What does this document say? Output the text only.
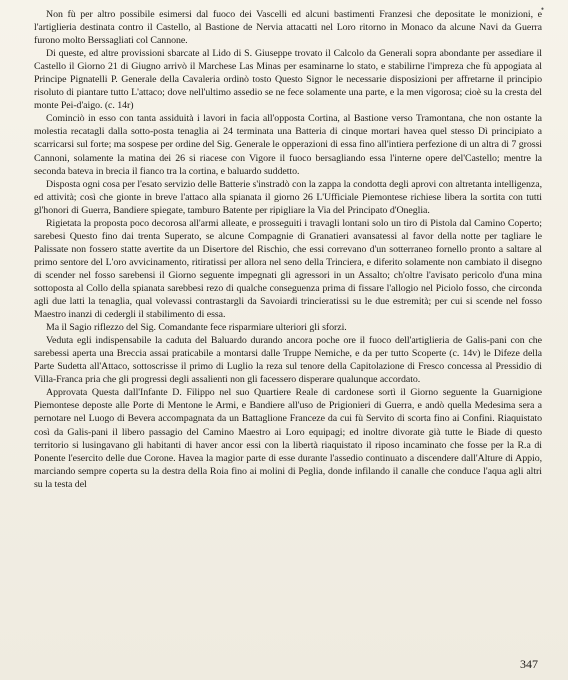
•

Non fù per altro possibile esimersi dal fuoco dei Vascelli ed alcuni bastimenti Franzesi che depositate le monizioni, e l'artiglieria destinata contro il Castello, al Bastione de Nervia attacatti nel Loro ritorno in Monaco da alcune Navi da Guerra furono molto Berssagliati col Cannone.

Di queste, ed altre provissioni sbarcate al Lido di S. Giuseppe trovato il Calcolo da Generali sopra abondante per assediare il Castello il Giorno 21 di Giugno arrivò il Marchese Las Minas per esaminarne lo stato, e stabilirne l'impreza che fù appogiata al Principe Pignatelli P. Generale della Cavaleria ordinò tosto Questo Signor le necessarie disposizioni per affretarne il principio risoluto di piantare tutto L'attaco; dove nell'ultimo assedio se ne fece solamente una parte, e la men vigorosa; cioè su la cresta del monte Pei-d'aigo. (c. 14r)

Cominciò in esso con tanta assiduità i lavori in facia all'opposta Cortina, al Bastione verso Tramontana, che non ostante la molestia recatagli dalla sotto-posta tenaglia ai 24 terminata una Batteria di cinque mortari havea quel stesso Dì principiato a scarricarsi sul forte; ma sospese per ordine del Sig. Generale le opperazioni di essa fino all'intiera perfezione di un altra di 7 grossi Cannoni, solamente la matina dei 26 si riacese con Vigore il fuoco bersagliando essa l'interne opere del'Castello; mentre la seconda bateva in brecia il fianco tra la cortina, e baluardo suddetto.

Disposta ogni cosa per l'esato servizio delle Batterie s'instradò con la zappa la condotta degli aprovi con altretanta intelligenza, ed attività; così che gionte in breve l'attaco alla spianata il giorno 26 L'Ufficiale Piemontese richiese libera la sortita con tutti gl'honori di Guerra, Bandiere spiegate, tamburo Batente per ripigliare la Via del Principato d'Oneglia.

Rigietata la proposta poco decorosa all'armi alleate, e prosseguiti i travagli lontani solo un tiro di Pistola dal Camino Coperto; sarebesi Questo fino dai trenta Superato, se alcune Compagnie di Granatieri avansatessi al favor della notte per tagliare le Palissate non fossero statte avertite da un Disertore del Rischio, che essi correvano d'un sotterraneo fornello pronto a saltare al primo sentore del L'oro avvicinamento, ritiratissi per allora nel seno della Trinciera, e diferito solamente non cambiato il disegno di scender nel fosso sarebensi il Giorno seguente impegnati gli agressori in un Assalto; ch'oltre l'avisato pericolo d'una mina sottoposta al Collo della spianata sarebbesi rezo di qualche conseguenza prima di fissare l'allogio nel Piciolo fosso, che circonda agli due latti la tenaglia, qual volevassi contrastargli da Savoiardi trincieratissi su le due estremità; per cui si scende nel fosso Maestro inanzi di cedergli il stabilimento di essa.

Ma il Sagio riflezzo del Sig. Comandante fece risparmiare ulteriori gli sforzi.

Veduta egli indispensabile la caduta del Baluardo durando ancora poche ore il fuoco dell'artiglieria de Galis-pani con che sarebessi aperta una Breccia assai praticabile a montarsi dalle Truppe Nemiche, e da per tutto Scoperte (c. 14v) le Difeze della Parte Sudetta all'Attaco, sottoscrisse il primo di Luglio la reza sul tenore della Capitolazione di Fresco concessa al Pressidio di Villa-Franca pria che gli progressi degli assalienti non gli facessero disperare qualunque accordato.

Approvata Questa dall'Infante D. Filippo nel suo Quartiere Reale di cardonese sortì il Giorno seguente la Guarnigione Piemontese deposte alle Porte di Mentone le Armi, e Bandiere all'uso de Prigionieri di Guerra, e andò quella Medesima sera a pernotare nel Luogo di Bevera accompagnata da un Battaglione Franceze da cui fù Servito di scorta fino ai Confini. Riaquistato così da Galis-pani il libero passagio del Camino Maestro ai Loro equipagi; ed inoltre divorate già tutte le Biade di questo territorio si lusingavano gli habitanti di haver ancor essi con la libertà riaquistato il riposo incaminato che fosse per la R.a di Ponente l'esercito delle due Corone. Havea la magior parte di esse durante l'assedio continuato a discendere dall'Alture di Appio, marciando sempre coperta su la destra della Roia fino ai molini di Peglia, donde infilando il canalle che conduce l'aqua agli altri su la testa del

347
